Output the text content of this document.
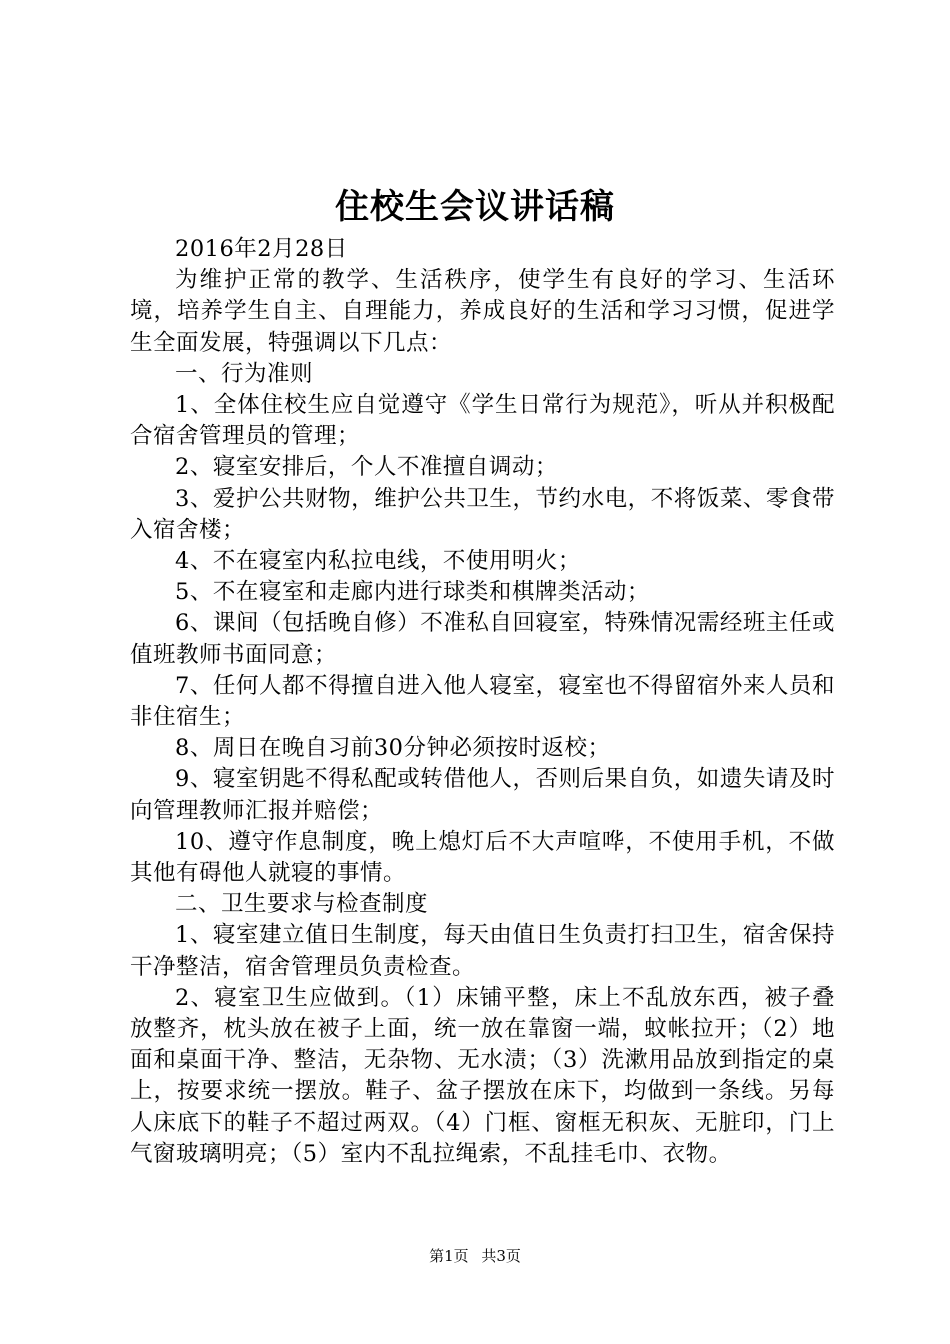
住校生会议讲话稿

2016年2月28日

为维护正常的教学、生活秩序，使学生有良好的学习、生活环境，培养学生自主、自理能力，养成良好的生活和学习习惯，促进学生全面发展，特强调以下几点：

一、行为准则

1、全体住校生应自觉遵守《学生日常行为规范》，听从并积极配合宿舍管理员的管理；

2、寝室安排后，个人不准擅自调动；

3、爱护公共财物，维护公共卫生，节约水电，不将饭菜、零食带入宿舍楼；

4、不在寝室内私拉电线，不使用明火；

5、不在寝室和走廊内进行球类和棋牌类活动；

6、课间（包括晚自修）不准私自回寝室，特殊情况需经班主任或值班教师书面同意；

7、任何人都不得擅自进入他人寝室，寝室也不得留宿外来人员和非住宿生；

8、周日在晚自习前30分钟必须按时返校；

9、寝室钥匙不得私配或转借他人，否则后果自负，如遗失请及时向管理教师汇报并赔偿；

10、遵守作息制度，晚上熄灯后不大声喧哗，不使用手机，不做其他有碍他人就寝的事情。

二、卫生要求与检查制度

1、寝室建立值日生制度，每天由值日生负责打扫卫生，宿舍保持干净整洁，宿舍管理员负责检查。

2、寝室卫生应做到。（1）床铺平整，床上不乱放东西，被子叠放整齐，枕头放在被子上面，统一放在靠窗一端，蚊帐拉开；（2）地面和桌面干净、整洁，无杂物、无水渍；（3）洗漱用品放到指定的桌上，按要求统一摆放。鞋子、盆子摆放在床下，均做到一条线。另每人床底下的鞋子不超过两双。（4）门框、窗框无积灰、无脏印，门上气窗玻璃明亮；（5）室内不乱拉绳索，不乱挂毛巾、衣物。

第1页 共3页
